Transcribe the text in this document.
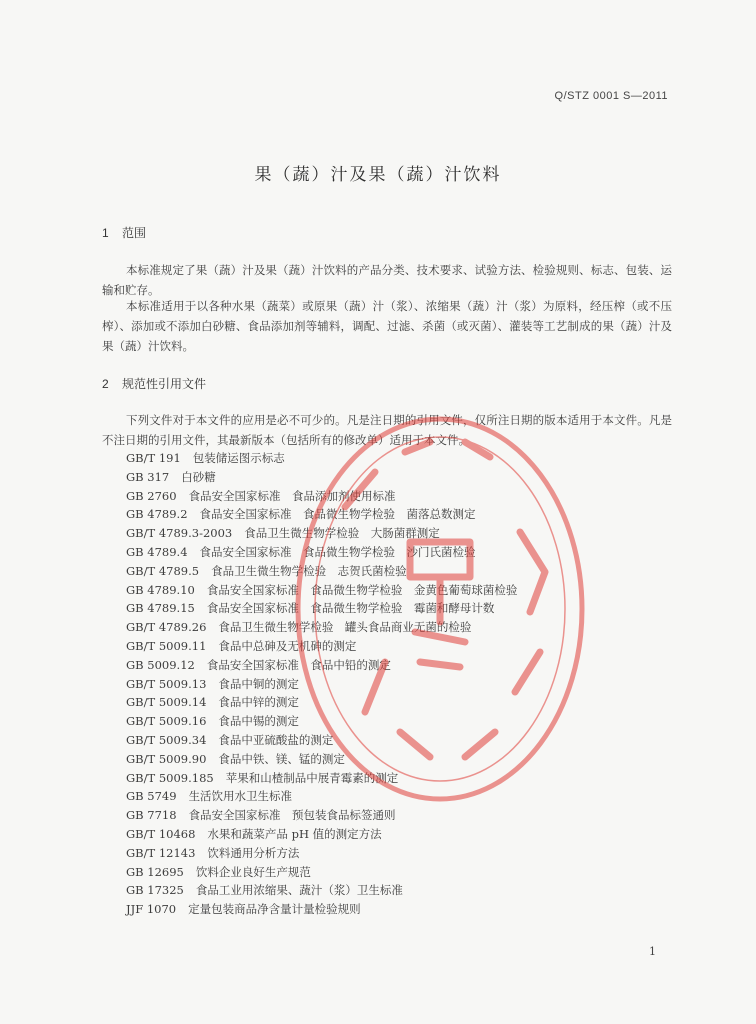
Q/STZ 0001 S—2011
果（蔬）汁及果（蔬）汁饮料
1 范围
本标准规定了果（蔬）汁及果（蔬）汁饮料的产品分类、技术要求、试验方法、检验规则、标志、包装、运输和贮存。
本标准适用于以各种水果（蔬菜）或原果（蔬）汁（浆）、浓缩果（蔬）汁（浆）为原料，经压榨（或不压榨）、添加或不添加白砂糖、食品添加剂等辅料，调配、过滤、杀菌（或灭菌）、灌装等工艺制成的果（蔬）汁及果（蔬）汁饮料。
2 规范性引用文件
下列文件对于本文件的应用是必不可少的。凡是注日期的引用文件，仅所注日期的版本适用于本文件。凡是不注日期的引用文件，其最新版本（包括所有的修改单）适用于本文件。
GB/T 191 包装储运图示标志
GB 317 白砂糖
GB 2760 食品安全国家标准　食品添加剂使用标准
GB 4789.2 食品安全国家标准　食品微生物学检验　菌落总数测定
GB/T 4789.3-2003 食品卫生微生物学检验　大肠菌群测定
GB 4789.4 食品安全国家标准　食品微生物学检验　沙门氏菌检验
GB/T 4789.5 食品卫生微生物学检验　志贺氏菌检验
GB 4789.10 食品安全国家标准　食品微生物学检验　金黄色葡萄球菌检验
GB 4789.15 食品安全国家标准　食品微生物学检验　霉菌和酵母计数
GB/T 4789.26 食品卫生微生物学检验　罐头食品商业无菌的检验
GB/T 5009.11 食品中总砷及无机砷的测定
GB 5009.12 食品安全国家标准　食品中铅的测定
GB/T 5009.13 食品中铜的测定
GB/T 5009.14 食品中锌的测定
GB/T 5009.16 食品中锡的测定
GB/T 5009.34 食品中亚硫酸盐的测定
GB/T 5009.90 食品中铁、镁、锰的测定
GB/T 5009.185 苹果和山楂制品中展青霉素的测定
GB 5749 生活饮用水卫生标准
GB 7718 食品安全国家标准　预包装食品标签通则
GB/T 10468 水果和蔬菜产品 pH 值的测定方法
GB/T 12143 饮料通用分析方法
GB 12695 饮料企业良好生产规范
GB 17325 食品工业用浓缩果、蔬汁（浆）卫生标准
JJF 1070 定量包装商品净含量计量检验规则
1
